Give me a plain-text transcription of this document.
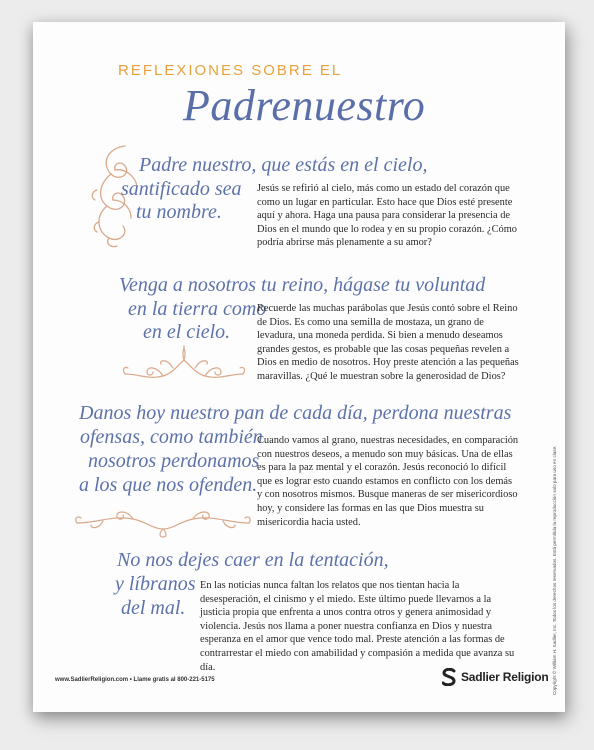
REFLEXIONES SOBRE EL
Padrenuestro
Padre nuestro, que estás en el cielo,
santificado sea
tu nombre.
Jesús se refirió al cielo, más como un estado del corazón que como un lugar en particular. Esto hace que Dios esté presente aquí y ahora. Haga una pausa para considerar la presencia de Dios en el mundo que lo rodea y en su propio corazón. ¿Cómo podría abrirse más plenamente a su amor?
Venga a nosotros tu reino, hágase tu voluntad
en la tierra como
en el cielo.
Recuerde las muchas parábolas que Jesús contó sobre el Reino de Dios. Es como una semilla de mostaza, un grano de levadura, una moneda perdida. Si bien a menudo deseamos grandes gestos, es probable que las cosas pequeñas revelen a Dios en medio de nosotros. Hoy preste atención a las pequeñas maravillas. ¿Qué le muestran sobre la generosidad de Dios?
Danos hoy nuestro pan de cada día, perdona nuestras
ofensas, como también
nosotros perdonamos
a los que nos ofenden.
Cuando vamos al grano, nuestras necesidades, en comparación con nuestros deseos, a menudo son muy básicas. Una de ellas es para la paz mental y el corazón. Jesús reconoció lo difícil que es lograr esto cuando estamos en conflicto con los demás y con nosotros mismos. Busque maneras de ser misericordioso hoy, y considere las formas en las que Dios muestra su misericordia hacia usted.
No nos dejes caer en la tentación,
y líbranos
del mal.
En las noticias nunca faltan los relatos que nos tientan hacia la desesperación, el cinismo y el miedo. Este último puede llevarnos a la justicia propia que enfrenta a unos contra otros y genera animosidad y violencia. Jesús nos llama a poner nuestra confianza en Dios y nuestra esperanza en el amor que vence todo mal. Preste atención a las formas de contrarrestar el miedo con amabilidad y compasión a medida que avanza su día.
www.SadlierReligion.com • Llame gratis al 800-221-5175	Sadlier Religion Copyright © William H. Sadlier, Inc. Todos los derechos reservados. Está permitida la reproducción solo para uso en clase.
